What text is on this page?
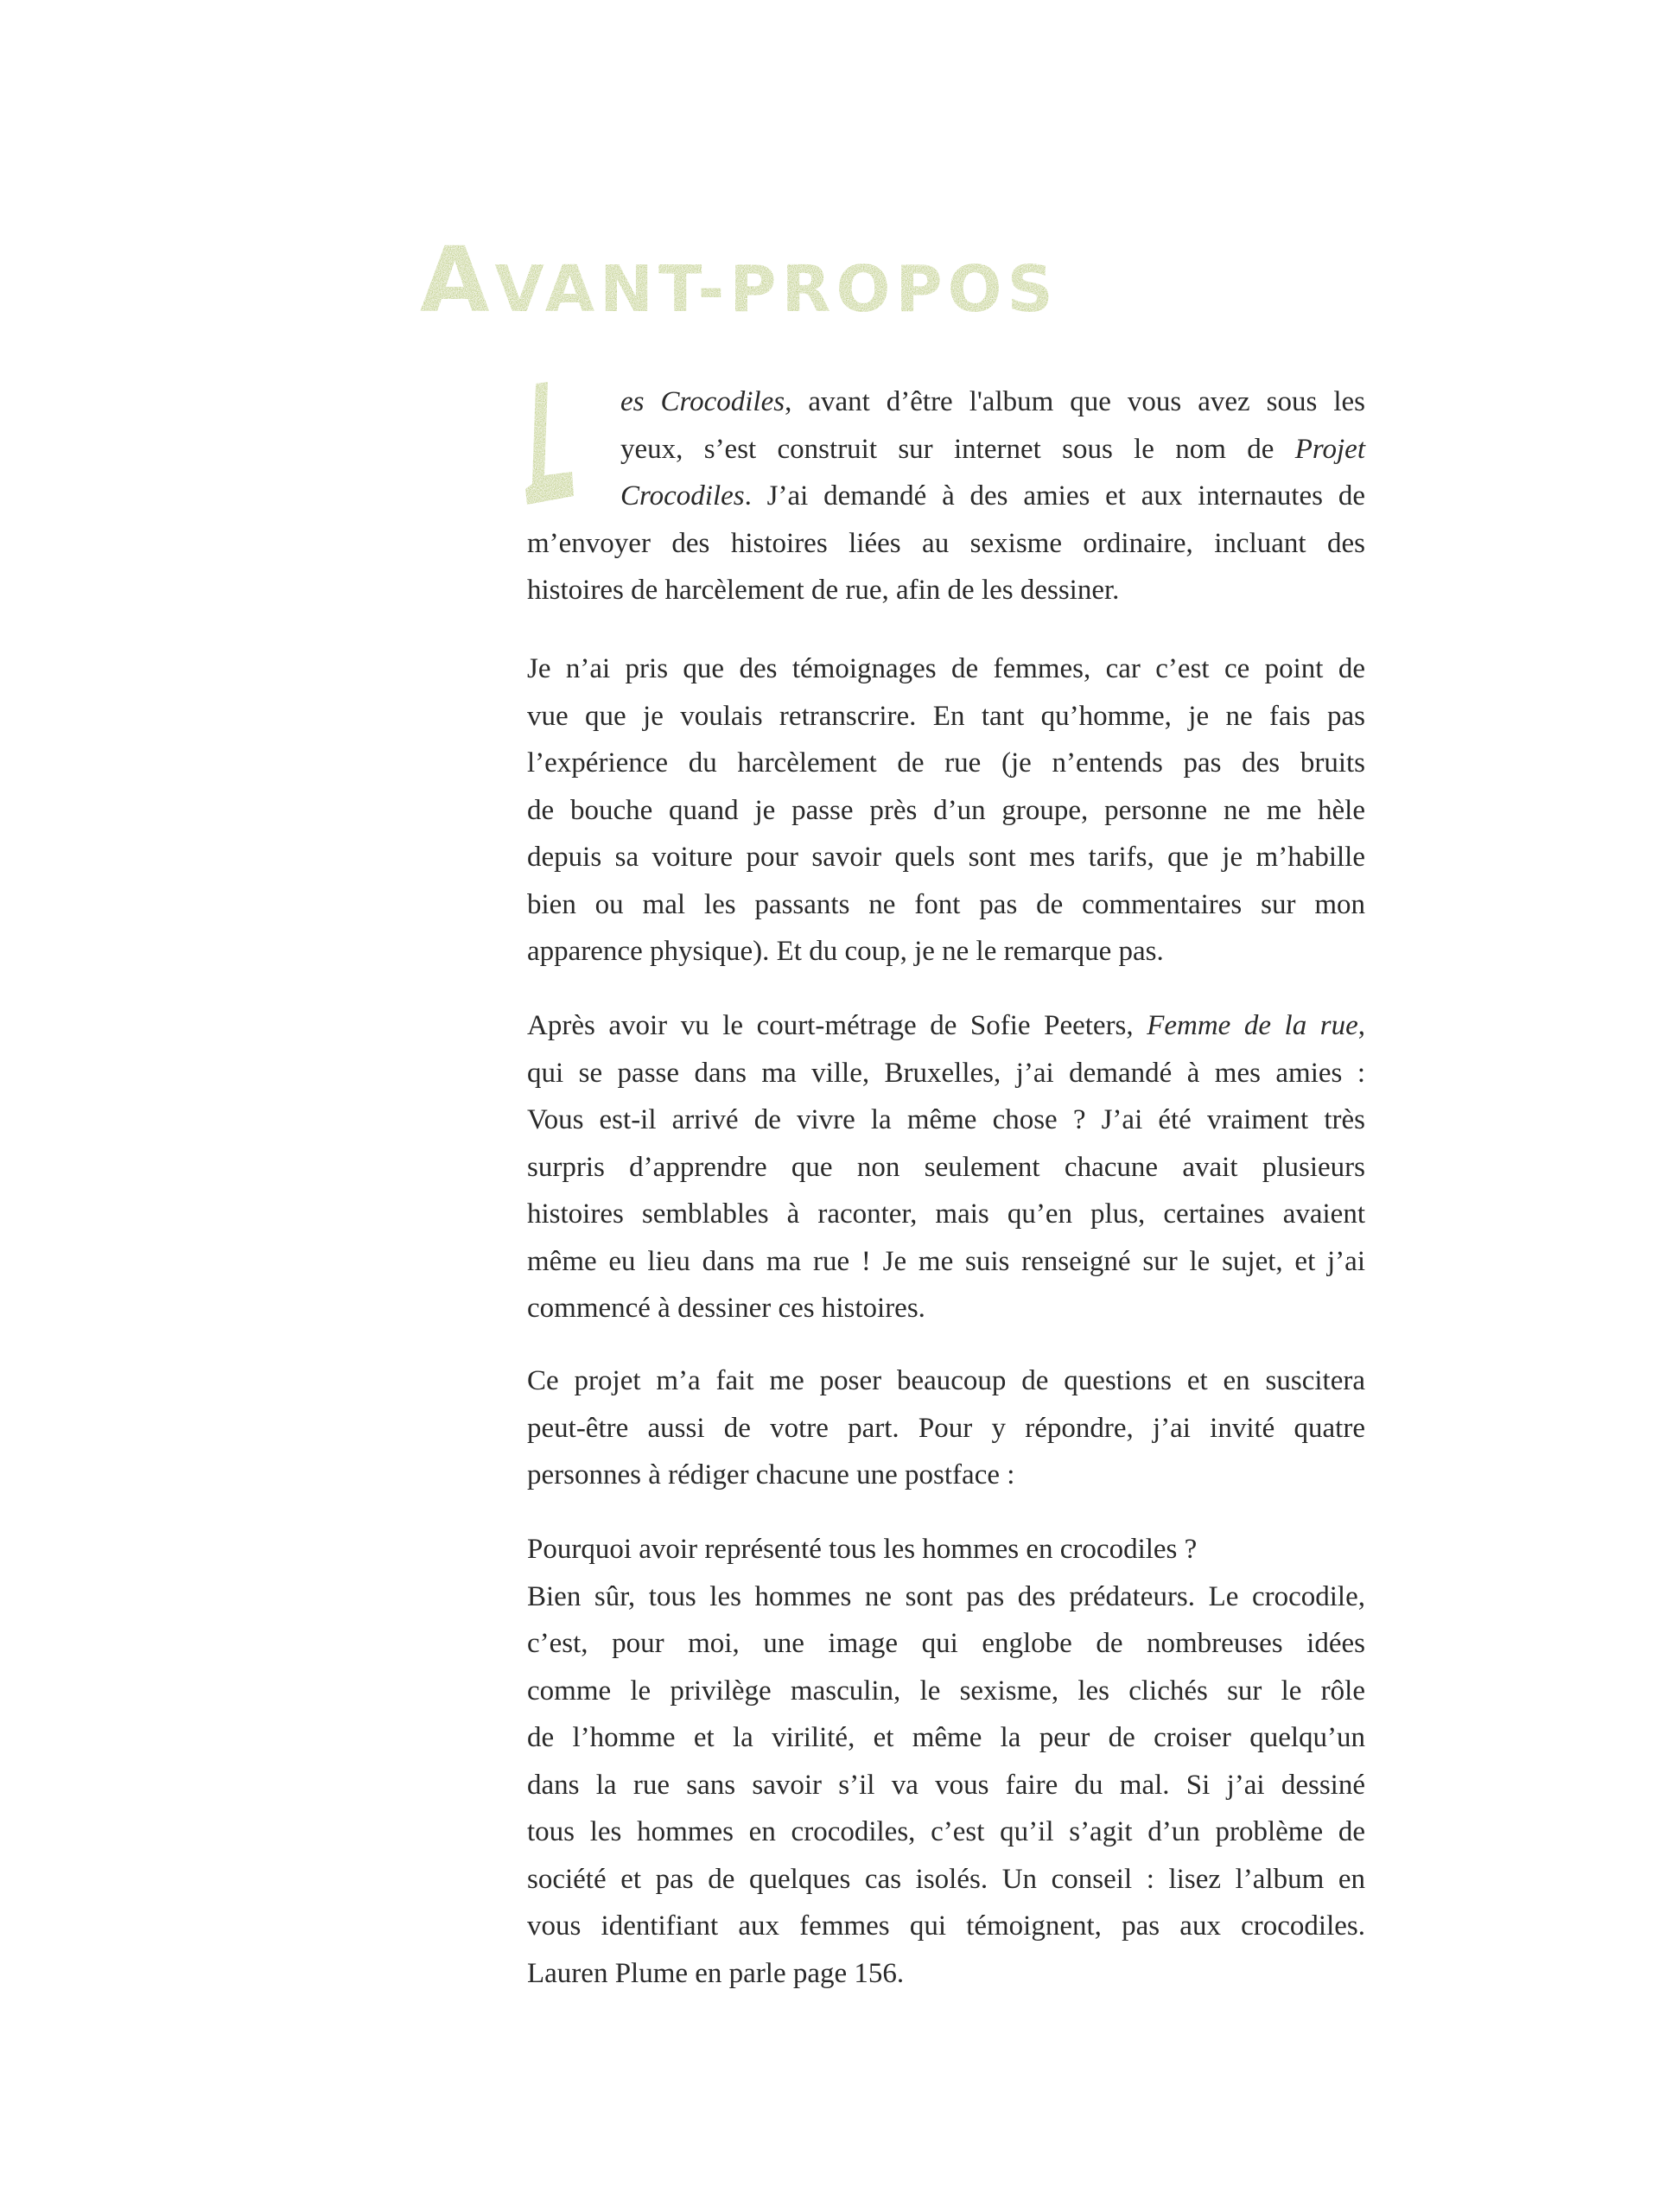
AVANT-PROPOS
es Crocodiles, avant d’être l'album que vous avez sous les
yeux, s’est construit sur internet sous le nom de Projet
Crocodiles. J’ai demandé à des amies et aux internautes de
m’envoyer des histoires liées au sexisme ordinaire, incluant des
histoires de harcèlement de rue, afin de les dessiner.
Je n’ai pris que des témoignages de femmes, car c’est ce point de
vue que je voulais retranscrire. En tant qu’homme, je ne fais pas
l’expérience du harcèlement de rue (je n’entends pas des bruits
de bouche quand je passe près d’un groupe, personne ne me hèle
depuis sa voiture pour savoir quels sont mes tarifs, que je m’habille
bien ou mal les passants ne font pas de commentaires sur mon
apparence physique). Et du coup, je ne le remarque pas.
Après avoir vu le court-métrage de Sofie Peeters, Femme de la rue,
qui se passe dans ma ville, Bruxelles, j’ai demandé à mes amies :
Vous est-il arrivé de vivre la même chose ? J’ai été vraiment très
surpris d’apprendre que non seulement chacune avait plusieurs
histoires semblables à raconter, mais qu’en plus, certaines avaient
même eu lieu dans ma rue ! Je me suis renseigné sur le sujet, et j’ai
commencé à dessiner ces histoires.
Ce projet m’a fait me poser beaucoup de questions et en suscitera
peut-être aussi de votre part. Pour y répondre, j’ai invité quatre
personnes à rédiger chacune une postface :
Pourquoi avoir représenté tous les hommes en crocodiles ?
Bien sûr, tous les hommes ne sont pas des prédateurs. Le crocodile,
c’est, pour moi, une image qui englobe de nombreuses idées
comme le privilège masculin, le sexisme, les clichés sur le rôle
de l’homme et la virilité, et même la peur de croiser quelqu’un
dans la rue sans savoir s’il va vous faire du mal. Si j’ai dessiné
tous les hommes en crocodiles, c’est qu’il s’agit d’un problème de
société et pas de quelques cas isolés. Un conseil : lisez l’album en
vous identifiant aux femmes qui témoignent, pas aux crocodiles.
Lauren Plume en parle page 156.
